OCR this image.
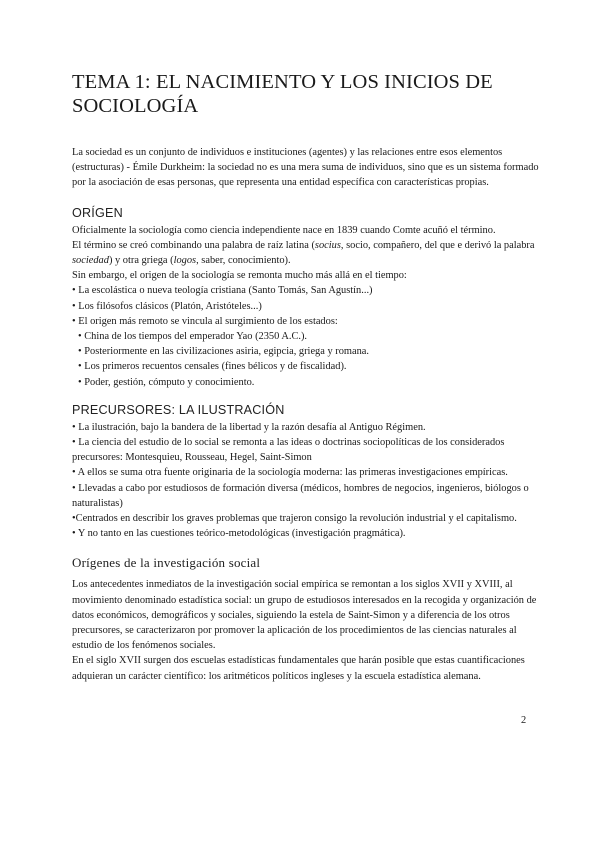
TEMA 1: EL NACIMIENTO Y LOS INICIOS DE SOCIOLOGÍA

La sociedad es un conjunto de individuos e instituciones (agentes) y las relaciones entre esos elementos (estructuras) - Émile Durkheim: la sociedad no es una mera suma de individuos, sino que es un sistema formado por la asociación de esas personas, que representa una entidad específica con características propias.

ORÍGEN

Oficialmente la sociología como ciencia independiente nace en 1839 cuando Comte acuñó el término.

El término se creó combinando una palabra de raíz latina (socius, socio, compañero, del que e derivó la palabra sociedad) y otra griega (logos, saber, conocimiento).

Sin embargo, el origen de la sociología se remonta mucho más allá en el tiempo:

• La escolástica o nueva teología cristiana (Santo Tomás, San Agustín...)
• Los filósofos clásicos (Platón, Aristóteles...)
• El origen más remoto se vincula al surgimiento de los estados:
• China de los tiempos del emperador Yao (2350 A.C.).
• Posteriormente en las civilizaciones asiria, egipcia, griega y romana.
• Los primeros recuentos censales (fines bélicos y de fiscalidad).
• Poder, gestión, cómputo y conocimiento.
PRECURSORES: LA ILUSTRACIÓN
• La ilustración, bajo la bandera de la libertad y la razón desafía al Antiguo Régimen.
• La ciencia del estudio de lo social se remonta a las ideas o doctrinas sociopolíticas de los considerados precursores: Montesquieu, Rousseau, Hegel, Saint-Simon
• A ellos se suma otra fuente originaria de la sociología moderna: las primeras investigaciones empíricas.
• Llevadas a cabo por estudiosos de formación diversa (médicos, hombres de negocios, ingenieros, biólogos o naturalistas)
•Centrados en describir los graves problemas que trajeron consigo la revolución industrial y el capitalismo.
• Y no tanto en las cuestiones teórico-metodológicas (investigación pragmática).
Orígenes de la investigación social

Los antecedentes inmediatos de la investigación social empírica se remontan a los siglos XVII y XVIII, al movimiento denominado estadística social: un grupo de estudiosos interesados en la recogida y organización de datos económicos, demográficos y sociales, siguiendo la estela de Saint-Simon y a diferencia de los otros precursores, se caracterizaron por promover la aplicación de los procedimientos de las ciencias naturales al estudio de los fenómenos sociales.

En el siglo XVII surgen dos escuelas estadísticas fundamentales que harán posible que estas cuantificaciones adquieran un carácter científico: los aritméticos políticos ingleses y la escuela estadística alemana.

2
